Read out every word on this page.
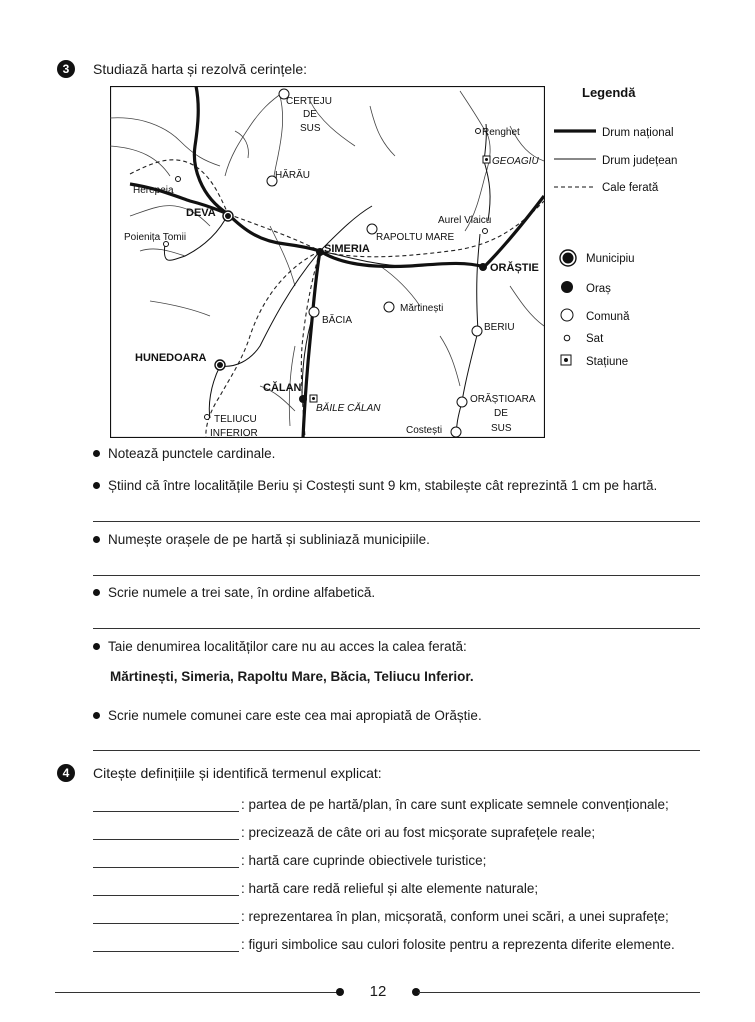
3	Studiază harta și rezolvă cerințele:
CERTEJU
DE
SUS	Renghet
GEOAGIU
HĂRĂU
Herepeia
DEVA
Aurel Vlaicu
Poienița Tomii
SIMERIA
RAPOLTU MARE
ORĂȘTIE
Mărtinești
BĂCIA
BERIU
HUNEDOARA
CĂLAN
BĂILE CĂLAN
ORĂȘTIOARA
DE
SUS
TELIUCU
INFERIOR	Costești
Legendă
Drum național
Drum județean
Cale ferată
Municipiu
Oraș
Comună
Sat
Stațiune
Notează punctele cardinale.
Știind că între localitățile Beriu și Costești sunt 9 km, stabilește cât reprezintă 1 cm pe hartă.
Numește orașele de pe hartă și subliniază municipiile.
Scrie numele a trei sate, în ordine alfabetică.
Taie denumirea localităților care nu au acces la calea ferată:
Mărtinești, Simeria, Rapoltu Mare, Băcia, Teliucu Inferior.
Scrie numele comunei care este cea mai apropiată de Orăștie.
4	Citește definițiile și identifică termenul explicat:
: partea de pe hartă/plan, în care sunt explicate semnele convenționale;
: precizează de câte ori au fost micșorate suprafețele reale;
: hartă care cuprinde obiectivele turistice;
: hartă care redă relieful și alte elemente naturale;
: reprezentarea în plan, micșorată, conform unei scări, a unei suprafețe;
: figuri simbolice sau culori folosite pentru a reprezenta diferite elemente.
12
